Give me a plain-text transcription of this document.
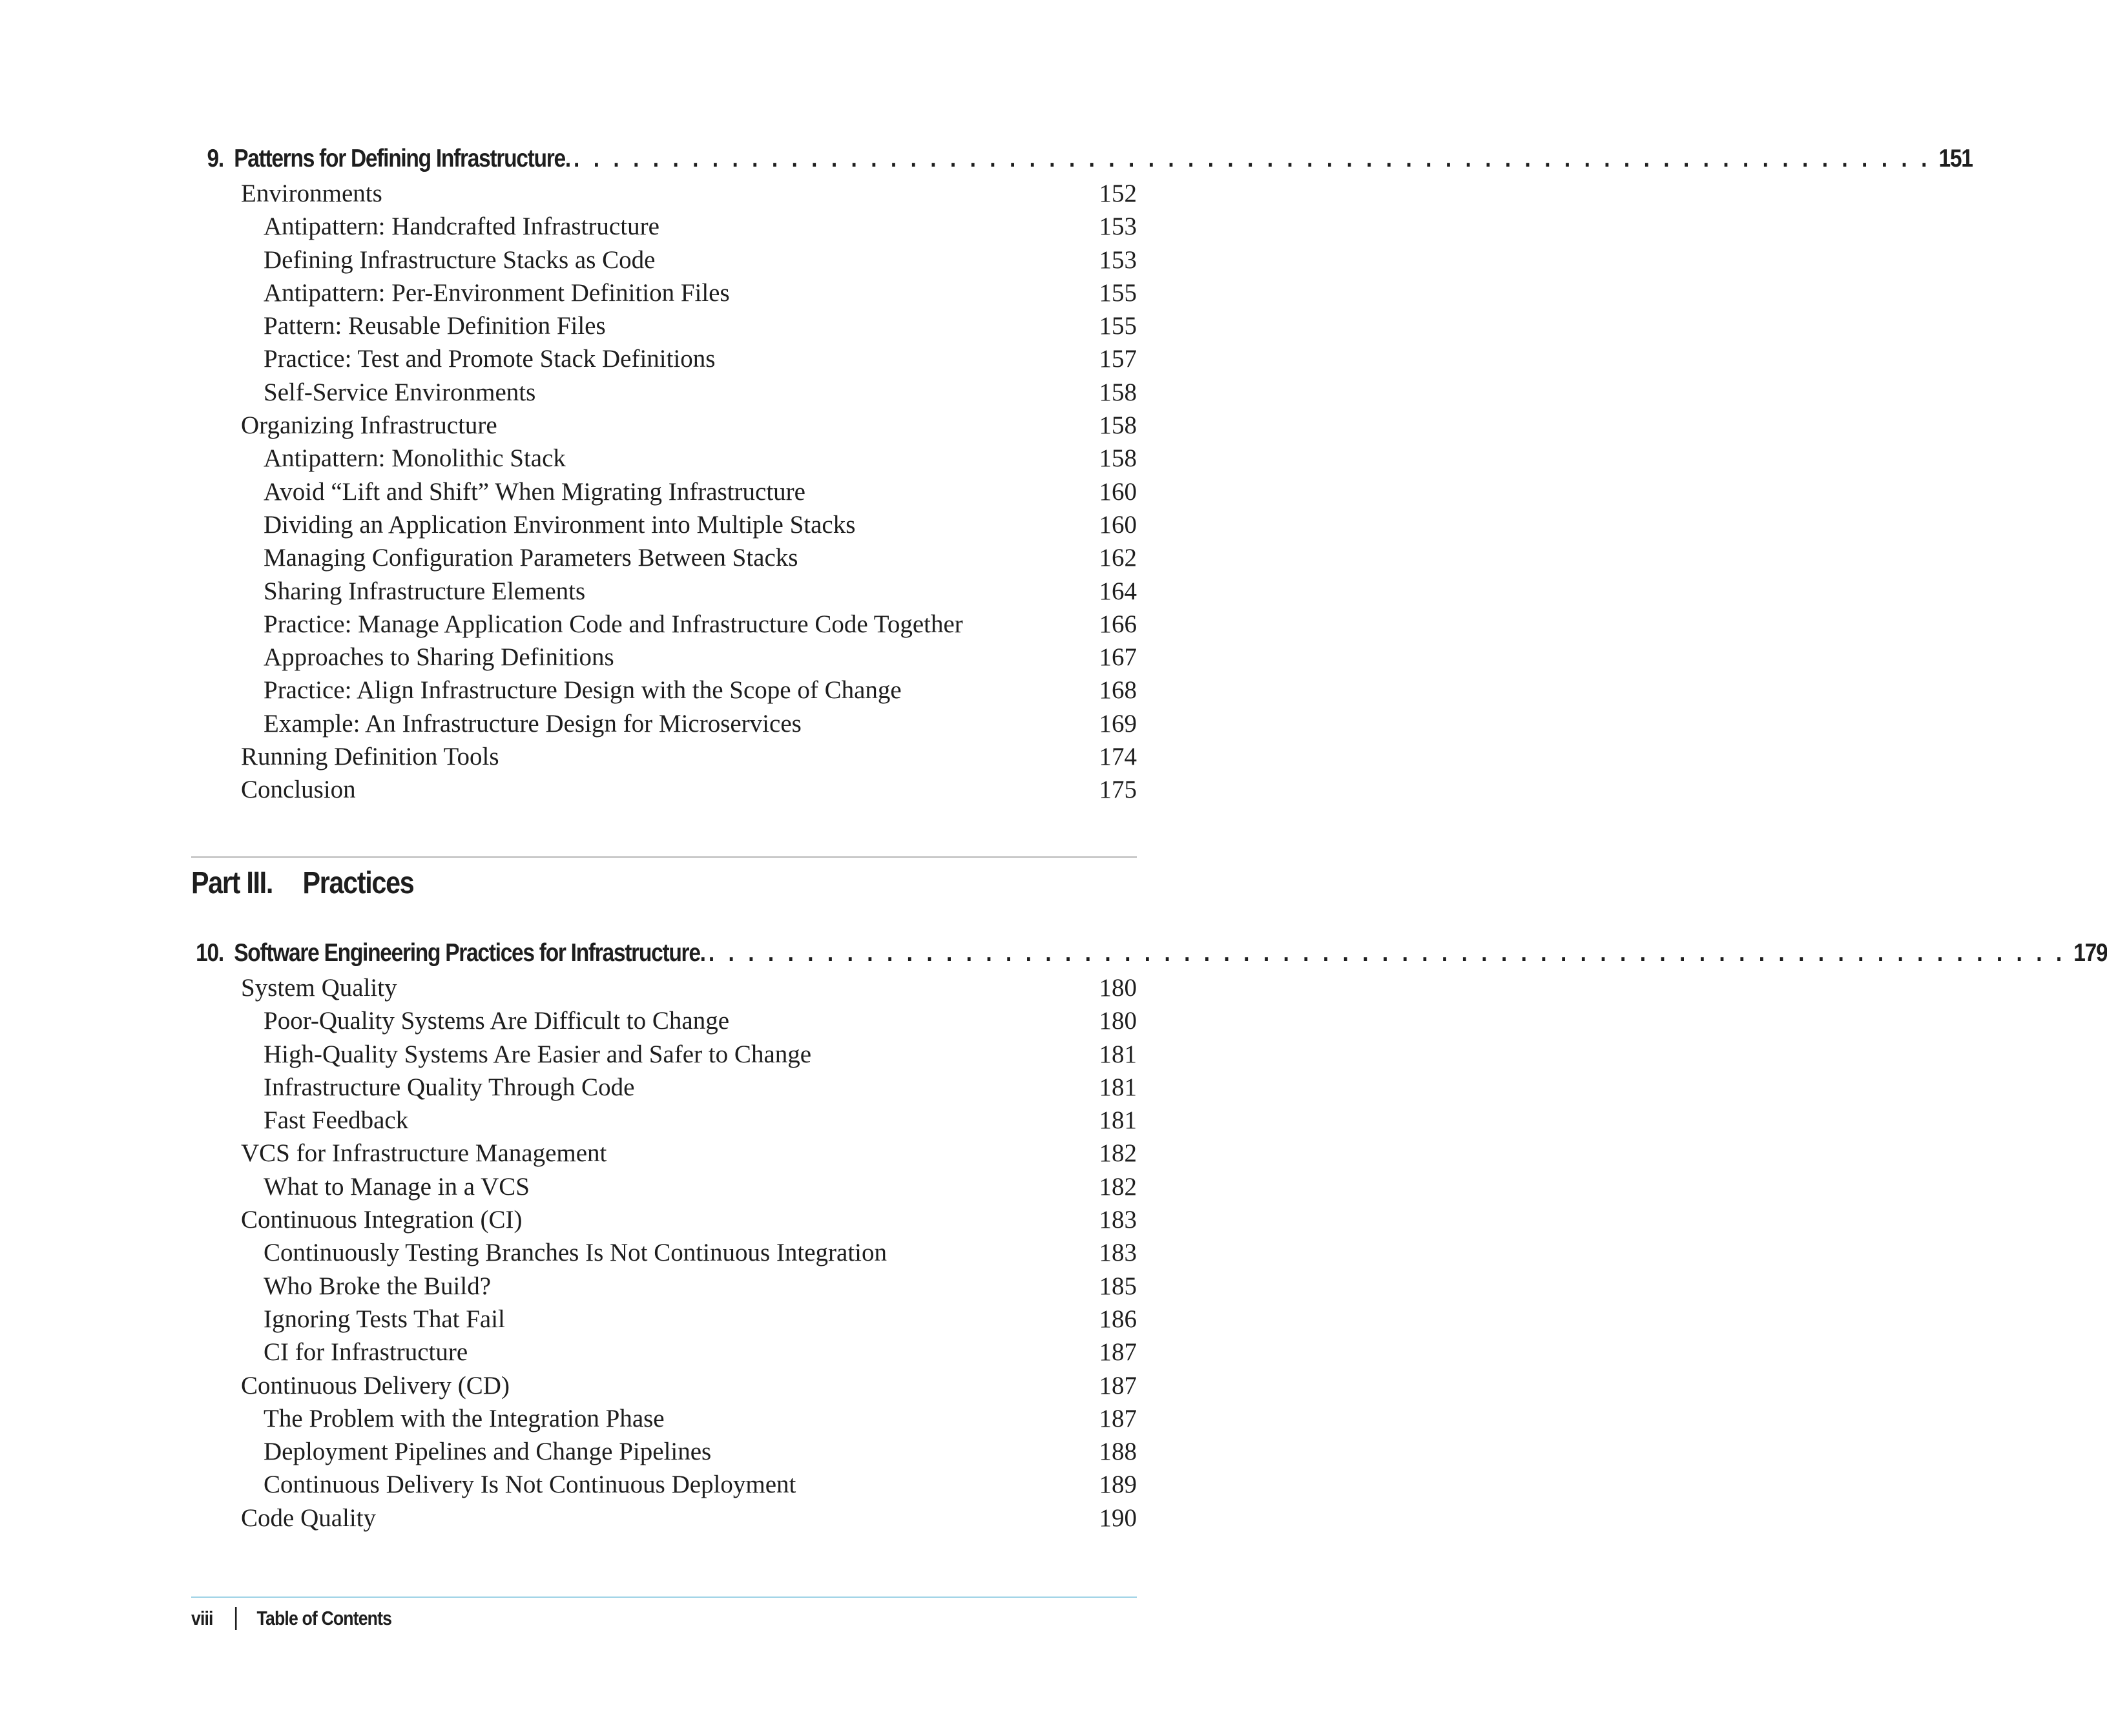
9. Patterns for Defining Infrastructure. . . . . . . . . . . . . . . . . . . . . . . . . . . . . . . . . . . . . . . . . . . . . . . . . . . . . . . . . . . . . . . . . . . . . . 151
Environments	152
Antipattern: Handcrafted Infrastructure	153
Defining Infrastructure Stacks as Code	153
Antipattern: Per-Environment Definition Files	155
Pattern: Reusable Definition Files	155
Practice: Test and Promote Stack Definitions	157
Self-Service Environments	158
Organizing Infrastructure	158
Antipattern: Monolithic Stack	158
Avoid “Lift and Shift” When Migrating Infrastructure	160
Dividing an Application Environment into Multiple Stacks	160
Managing Configuration Parameters Between Stacks	162
Sharing Infrastructure Elements	164
Practice: Manage Application Code and Infrastructure Code Together	166
Approaches to Sharing Definitions	167
Practice: Align Infrastructure Design with the Scope of Change	168
Example: An Infrastructure Design for Microservices	169
Running Definition Tools	174
Conclusion	175
Part III. Practices
10. Software Engineering Practices for Infrastructure. . . . . . . . . . . . . . . . . . . . . . . . . . . . . . . . . . . . . . . . . . . . . . . . . . . . . . . . . . . . . . . . . . . . . . 179
System Quality	180
Poor-Quality Systems Are Difficult to Change	180
High-Quality Systems Are Easier and Safer to Change	181
Infrastructure Quality Through Code	181
Fast Feedback	181
VCS for Infrastructure Management	182
What to Manage in a VCS	182
Continuous Integration (CI)	183
Continuously Testing Branches Is Not Continuous Integration	183
Who Broke the Build?	185
Ignoring Tests That Fail	186
CI for Infrastructure	187
Continuous Delivery (CD)	187
The Problem with the Integration Phase	187
Deployment Pipelines and Change Pipelines	188
Continuous Delivery Is Not Continuous Deployment	189
Code Quality	190
viii Table of Contents
